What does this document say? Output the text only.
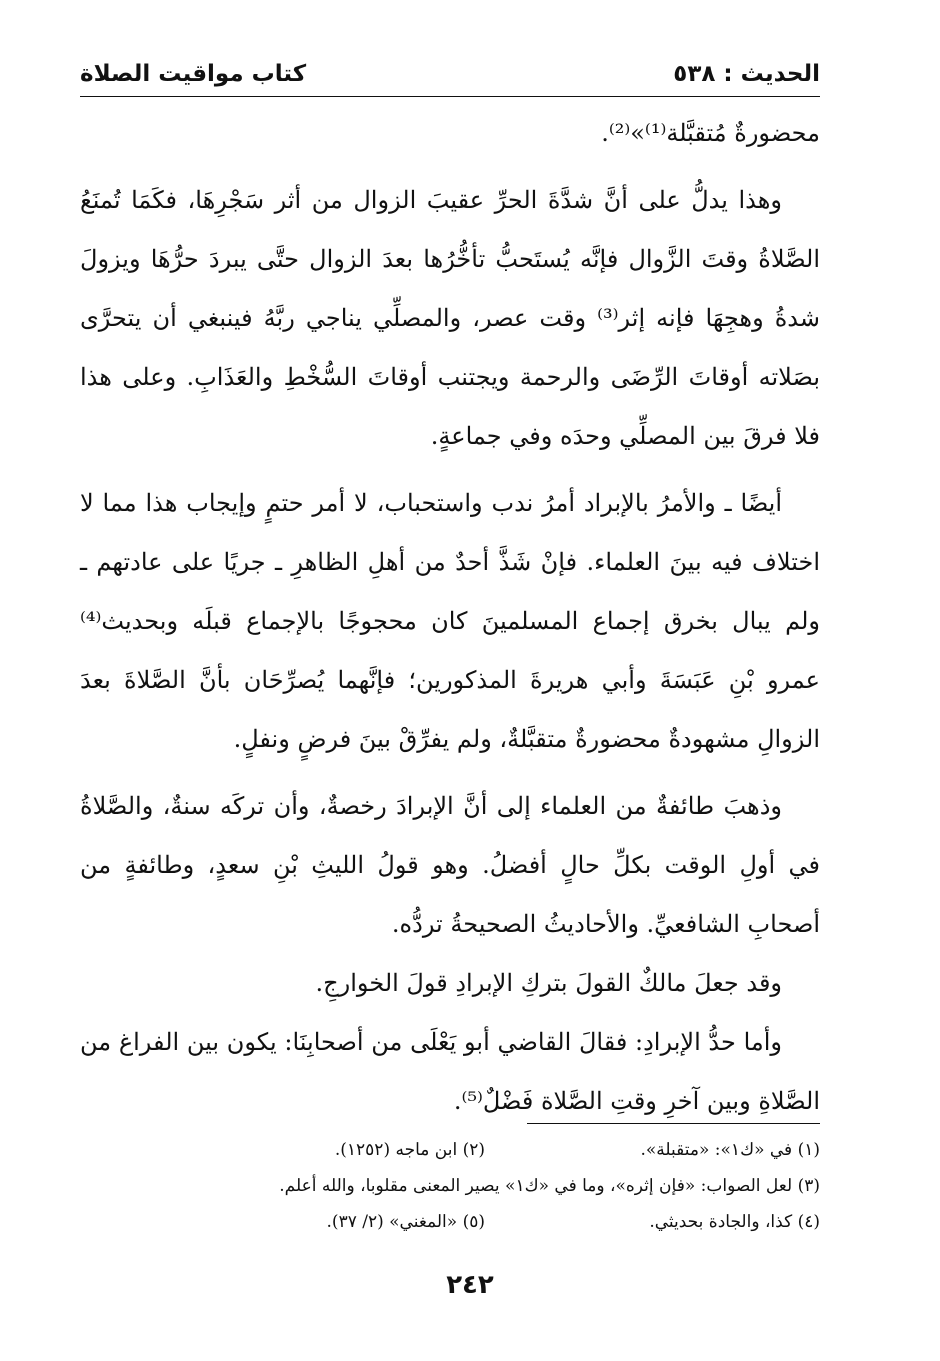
الحديث : ٥٣٨
كتاب مواقيت الصلاة

محضورةٌ مُتقبَّلة⁽¹⁾»⁽²⁾.

وهذا يدلُّ على أنَّ شدَّةَ الحرِّ عقيبَ الزوال من أثر سَجْرِهَا، فكَمَا تُمنَعُ الصَّلاةُ وقتَ الزَّوال فإنَّه يُستَحبُّ تأخُّرُها بعدَ الزوال حتَّى يبردَ حرُّهَا ويزولَ شدةُ وهجِهَا فإنه إثر⁽³⁾ وقت عصر، والمصلِّي يناجي ربَّهُ فينبغي أن يتحرَّى بصَلاته أوقاتَ الرِّضَى والرحمة ويجتنب أوقاتَ السُّخْطِ والعَذَابِ. وعلى هذا فلا فرقَ بين المصلِّي وحدَه وفي جماعةٍ.

أيضًا ـ والأمرُ بالإبراد أمرُ ندب واستحباب، لا أمر حتمٍ وإيجاب هذا مما لا اختلاف فيه بينَ العلماء. فإنْ شَذَّ أحدٌ من أهلِ الظاهرِ ـ جريًا على عادتهم ـ ولم يبال بخرق إجماع المسلمينَ كان محجوجًا بالإجماع قبلَه وبحديث⁽⁴⁾ عمرو بْنِ عَبَسَةَ وأبي هريرةَ المذكورين؛ فإنَّهما يُصرِّحَان بأنَّ الصَّلاةَ بعدَ الزوالِ مشهودةٌ محضورةٌ متقبَّلةٌ، ولم يفرِّقْ بينَ فرضٍ ونفلٍ.

وذهبَ طائفةٌ من العلماء إلى أنَّ الإبرادَ رخصةٌ، وأن تركَه سنةٌ، والصَّلاةُ في أولِ الوقت بكلِّ حالٍ أفضلُ. وهو قولُ الليثِ بْنِ سعدٍ، وطائفةٍ من أصحابِ الشافعيِّ. والأحاديثُ الصحيحةُ تردُّه.

وقد جعلَ مالكٌ القولَ بتركِ الإبرادِ قولَ الخوارجِ.

وأما حدُّ الإبرادِ: فقالَ القاضي أبو يَعْلَى من أصحابِنَا: يكون بين الفراغ من الصَّلاةِ وبين آخرِ وقتِ الصَّلاة فَضْلٌ⁽⁵⁾.

(١) في «ك١»: «متقبلة».
(٢) ابن ماجه (١٢٥٢).
(٣) لعل الصواب: «فإن إثره»، وما في «ك١» يصير المعنى مقلوبا، والله أعلم.
(٤) كذا، والجادة بحديثي.
(٥) «المغني» (٢/ ٣٧).
٢٤٢
